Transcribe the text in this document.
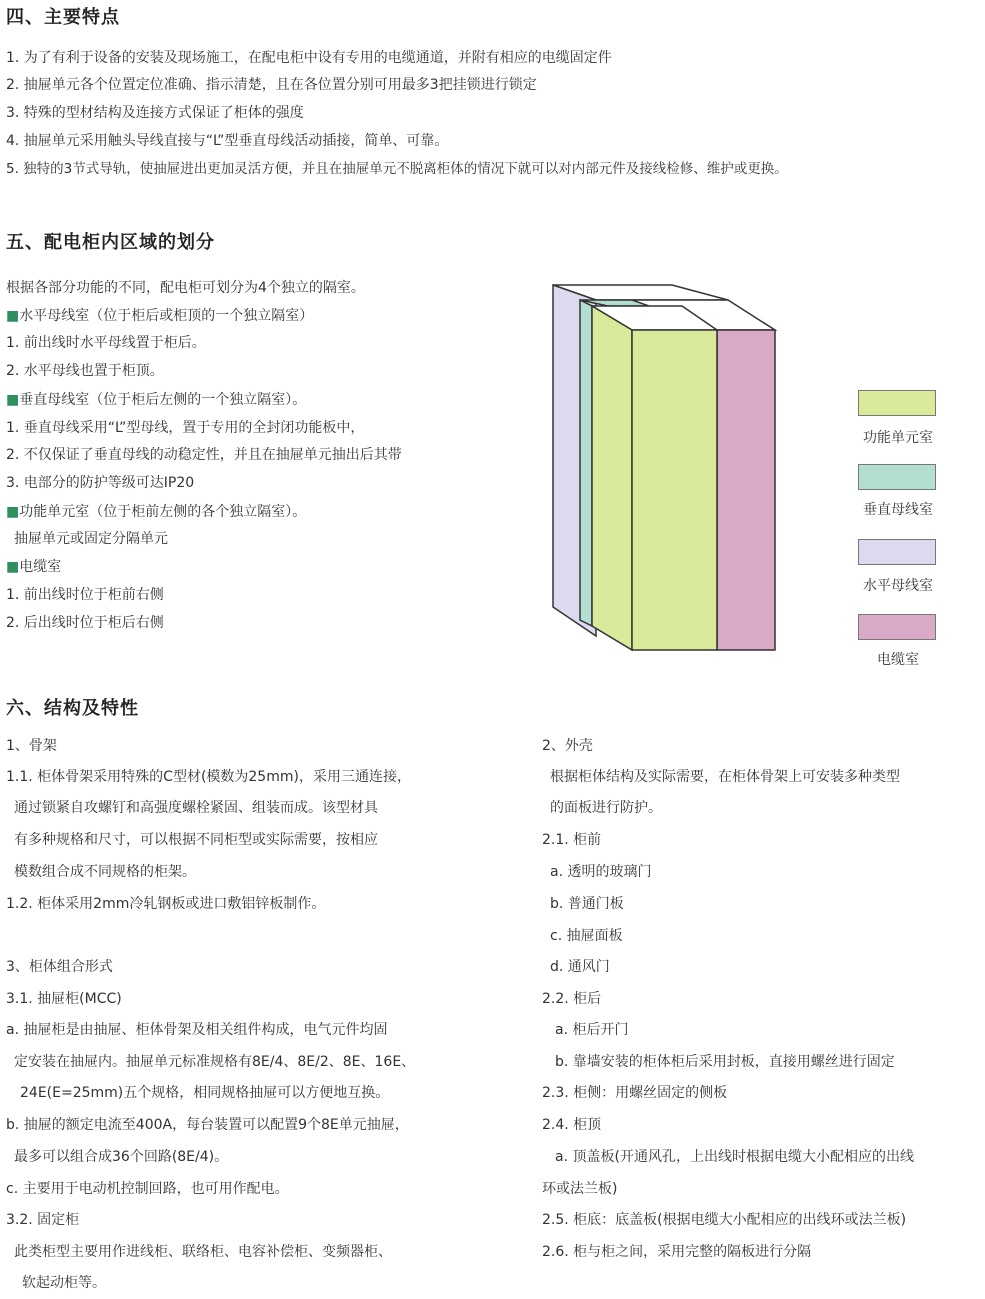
四、主要特点
1. 为了有利于设备的安装及现场施工，在配电柜中设有专用的电缆通道，并附有相应的电缆固定件
2. 抽屉单元各个位置定位准确、指示清楚，且在各位置分别可用最多3把挂锁进行锁定
3. 特殊的型材结构及连接方式保证了柜体的强度
4. 抽屉单元采用触头导线直接与“L”型垂直母线活动插接，简单、可靠。
5. 独特的3节式导轨，使抽屉进出更加灵活方便，并且在抽屉单元不脱离柜体的情况下就可以对内部元件及接线检修、维护或更换。
五、配电柜内区域的划分
根据各部分功能的不同，配电柜可划分为4个独立的隔室。
■水平母线室（位于柜后或柜顶的一个独立隔室）
1. 前出线时水平母线置于柜后。
2. 水平母线也置于柜顶。
■垂直母线室（位于柜后左侧的一个独立隔室）。
1. 垂直母线采用“L”型母线，置于专用的全封闭功能板中，
2. 不仅保证了垂直母线的动稳定性，并且在抽屉单元抽出后其带
3. 电部分的防护等级可达IP20
■功能单元室（位于柜前左侧的各个独立隔室）。
抽屉单元或固定分隔单元
■电缆室
1. 前出线时位于柜前右侧
2. 后出线时位于柜后右侧
功能单元室
垂直母线室
水平母线室
电缆室
六、结构及特性
1、骨架
1.1. 柜体骨架采用特殊的C型材(模数为25mm)，采用三通连接，
通过锁紧自攻螺钉和高强度螺栓紧固、组装而成。该型材具
有多种规格和尺寸，可以根据不同柜型或实际需要，按相应
模数组合成不同规格的柜架。
1.2. 柜体采用2mm冷轧钢板或进口敷铝锌板制作。
3、柜体组合形式
3.1. 抽屉柜(MCC)
a. 抽屉柜是由抽屉、柜体骨架及相关组件构成，电气元件均固
定安装在抽屉内。抽屉单元标准规格有8E/4、8E/2、8E、16E、
24E(E=25mm)五个规格，相同规格抽屉可以方便地互换。
b. 抽屉的额定电流至400A，每台装置可以配置9个8E单元抽屉，
最多可以组合成36个回路(8E/4)。
c. 主要用于电动机控制回路，也可用作配电。
3.2. 固定柜
此类柜型主要用作进线柜、联络柜、电容补偿柜、变频器柜、
软起动柜等。
2、外壳
根据柜体结构及实际需要，在柜体骨架上可安装多种类型
的面板进行防护。
2.1. 柜前
a. 透明的玻璃门
b. 普通门板
c. 抽屉面板
d. 通风门
2.2. 柜后
a. 柜后开门
b. 靠墙安装的柜体柜后采用封板，直接用螺丝进行固定
2.3. 柜侧：用螺丝固定的侧板
2.4. 柜顶
a. 顶盖板(开通风孔，上出线时根据电缆大小配相应的出线
环或法兰板)
2.5. 柜底：底盖板(根据电缆大小配相应的出线环或法兰板)
2.6. 柜与柜之间，采用完整的隔板进行分隔
